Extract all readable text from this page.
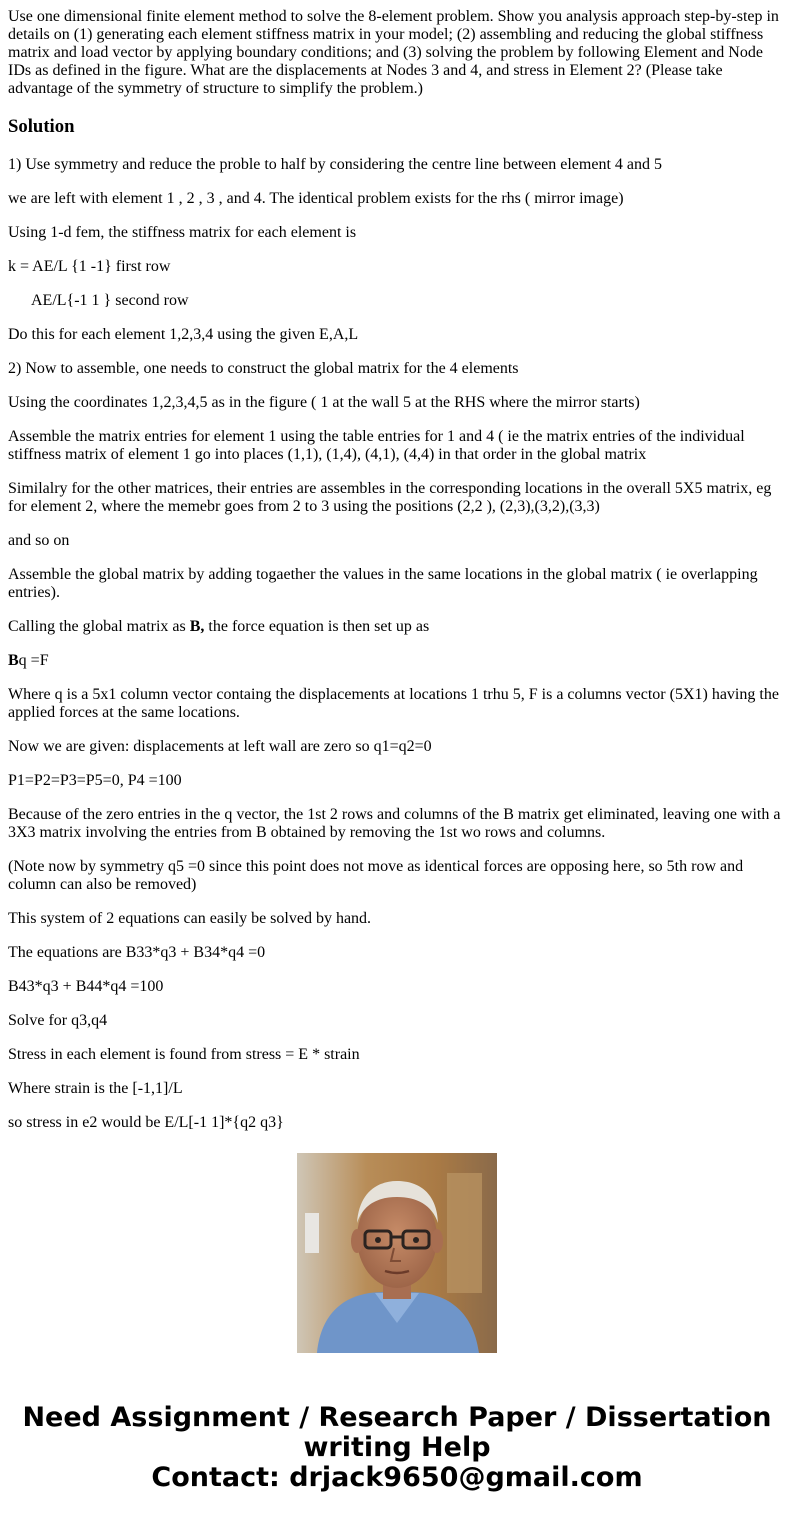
Use one dimensional finite element method to solve the 8-element problem. Show you analysis approach step-by-step in details on (1) generating each element stiffness matrix in your model; (2) assembling and reducing the global stiffness matrix and load vector by applying boundary conditions; and (3) solving the problem by following Element and Node IDs as defined in the figure. What are the displacements at Nodes 3 and 4, and stress in Element 2? (Please take advantage of the symmetry of structure to simplify the problem.)

Solution

1) Use symmetry and reduce the proble to half by considering the centre line between element 4 and 5

we are left with element 1 , 2 , 3 , and 4. The identical problem exists for the rhs ( mirror image)

Using 1-d fem, the stiffness matrix for each element is

k = AE/L {1 -1} first row

AE/L{-1 1 } second row

Do this for each element 1,2,3,4 using the given E,A,L

2) Now to assemble, one needs to construct the global matrix for the 4 elements

Using the coordinates 1,2,3,4,5 as in the figure ( 1 at the wall 5 at the RHS where the mirror starts)

Assemble the matrix entries for element 1 using the table entries for 1 and 4 ( ie the matrix entries of the individual stiffness matrix of element 1 go into places (1,1), (1,4), (4,1), (4,4) in that order in the global matrix

Similalry for the other matrices, their entries are assembles in the corresponding locations in the overall 5X5 matrix, eg for element 2, where the memebr goes from 2 to 3 using the positions (2,2 ), (2,3),(3,2),(3,3)

and so on

Assemble the global matrix by adding togaether the values in the same locations in the global matrix ( ie overlapping entries).

Calling the global matrix as B, the force equation is then set up as

Bq =F

Where q is a 5x1 column vector containg the displacements at locations 1 trhu 5, F is a columns vector (5X1) having the applied forces at the same locations.

Now we are given: displacements at left wall are zero so q1=q2=0

P1=P2=P3=P5=0, P4 =100

Because of the zero entries in the q vector, the 1st 2 rows and columns of the B matrix get eliminated, leaving one with a 3X3 matrix involving the entries from B obtained by removing the 1st wo rows and columns.

(Note now by symmetry q5 =0 since this point does not move as identical forces are opposing here, so 5th row and column can also be removed)

This system of 2 equations can easily be solved by hand.

The equations are B33*q3 + B34*q4 =0

B43*q3 + B44*q4 =100

Solve for q3,q4

Stress in each element is found from stress = E * strain

Where strain is the [-1,1]/L

so stress in e2 would be E/L[-1 1]*{q2 q3}

Need Assignment / Research Paper / Dissertation
writing Help
Contact: drjack9650@gmail.com
